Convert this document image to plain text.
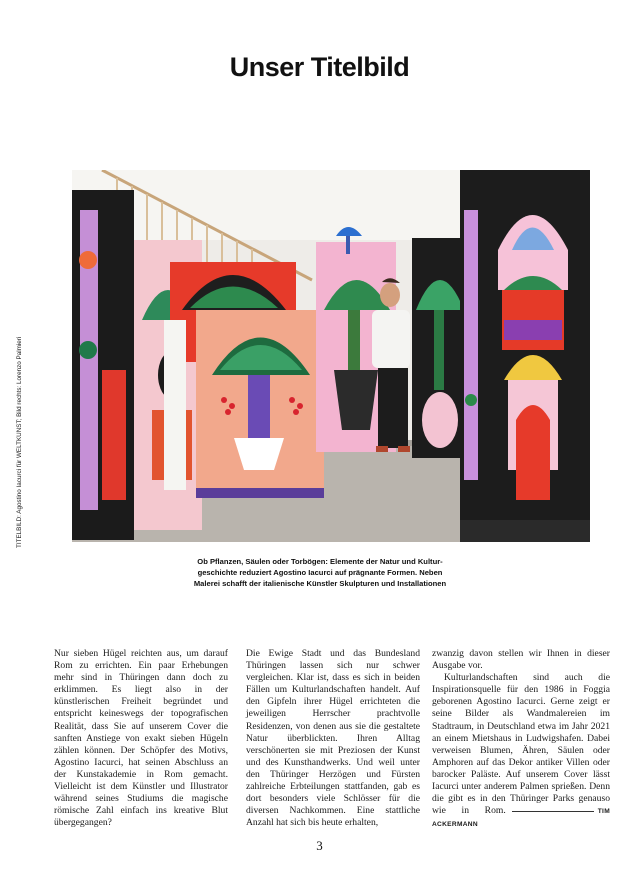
Unser Titelbild
TITELBILD: Agostino Iacurci für WELTKUNST; Bild rechts: Lorenzo Palmieri
Ob Pflanzen, Säulen oder Torbögen: Elemente der Natur und Kultur-
geschichte reduziert Agostino Iacurci auf prägnante Formen. Neben
Malerei schafft der italienische Künstler Skulpturen und Installationen

Nur sieben Hügel reichten aus, um darauf Rom zu errichten. Ein paar Erhebungen mehr sind in Thüringen dann doch zu erklimmen. Es liegt also in der künstlerischen Freiheit begründet und entspricht keineswegs der topografischen Realität, dass Sie auf unserem Cover die sanften Anstiege von exakt sieben Hügeln zählen können. Der Schöpfer des Motivs, Agostino Iacurci, hat seinen Abschluss an der Kunstakademie in Rom gemacht. Vielleicht ist dem Künstler und Illustrator während seines Studiums die magische römische Zahl einfach ins kreative Blut übergegangen?

Die Ewige Stadt und das Bundesland Thüringen lassen sich nur schwer vergleichen. Klar ist, dass es sich in beiden Fällen um Kulturlandschaften handelt. Auf den Gipfeln ihrer Hügel errichteten die jeweiligen Herrscher prachtvolle Residenzen, von denen aus sie die gestaltete Natur überblickten. Ihren Alltag verschönerten sie mit Preziosen der Kunst und des Kunsthandwerks. Und weil unter den Thüringer Herzögen und Fürsten zahlreiche Erbteilungen stattfanden, gab es dort besonders viele Schlösser für die diversen Nachkommen. Eine stattliche Anzahl hat sich bis heute erhalten,

zwanzig davon stellen wir Ihnen in dieser Ausgabe vor.

Kulturlandschaften sind auch die Inspirationsquelle für den 1986 in Foggia geborenen Agostino Iacurci. Gerne zeigt er seine Bilder als Wandmalereien im Stadtraum, in Deutschland etwa im Jahr 2021 an einem Mietshaus in Ludwigshafen. Dabei verweisen Blumen, Ähren, Säulen oder Amphoren auf das Dekor antiker Villen oder barocker Paläste. Auf unserem Cover lässt Iacurci unter anderem Palmen sprießen. Denn die gibt es in den Thüringer Parks genauso wie in Rom.	TIM ACKERMANN

3
